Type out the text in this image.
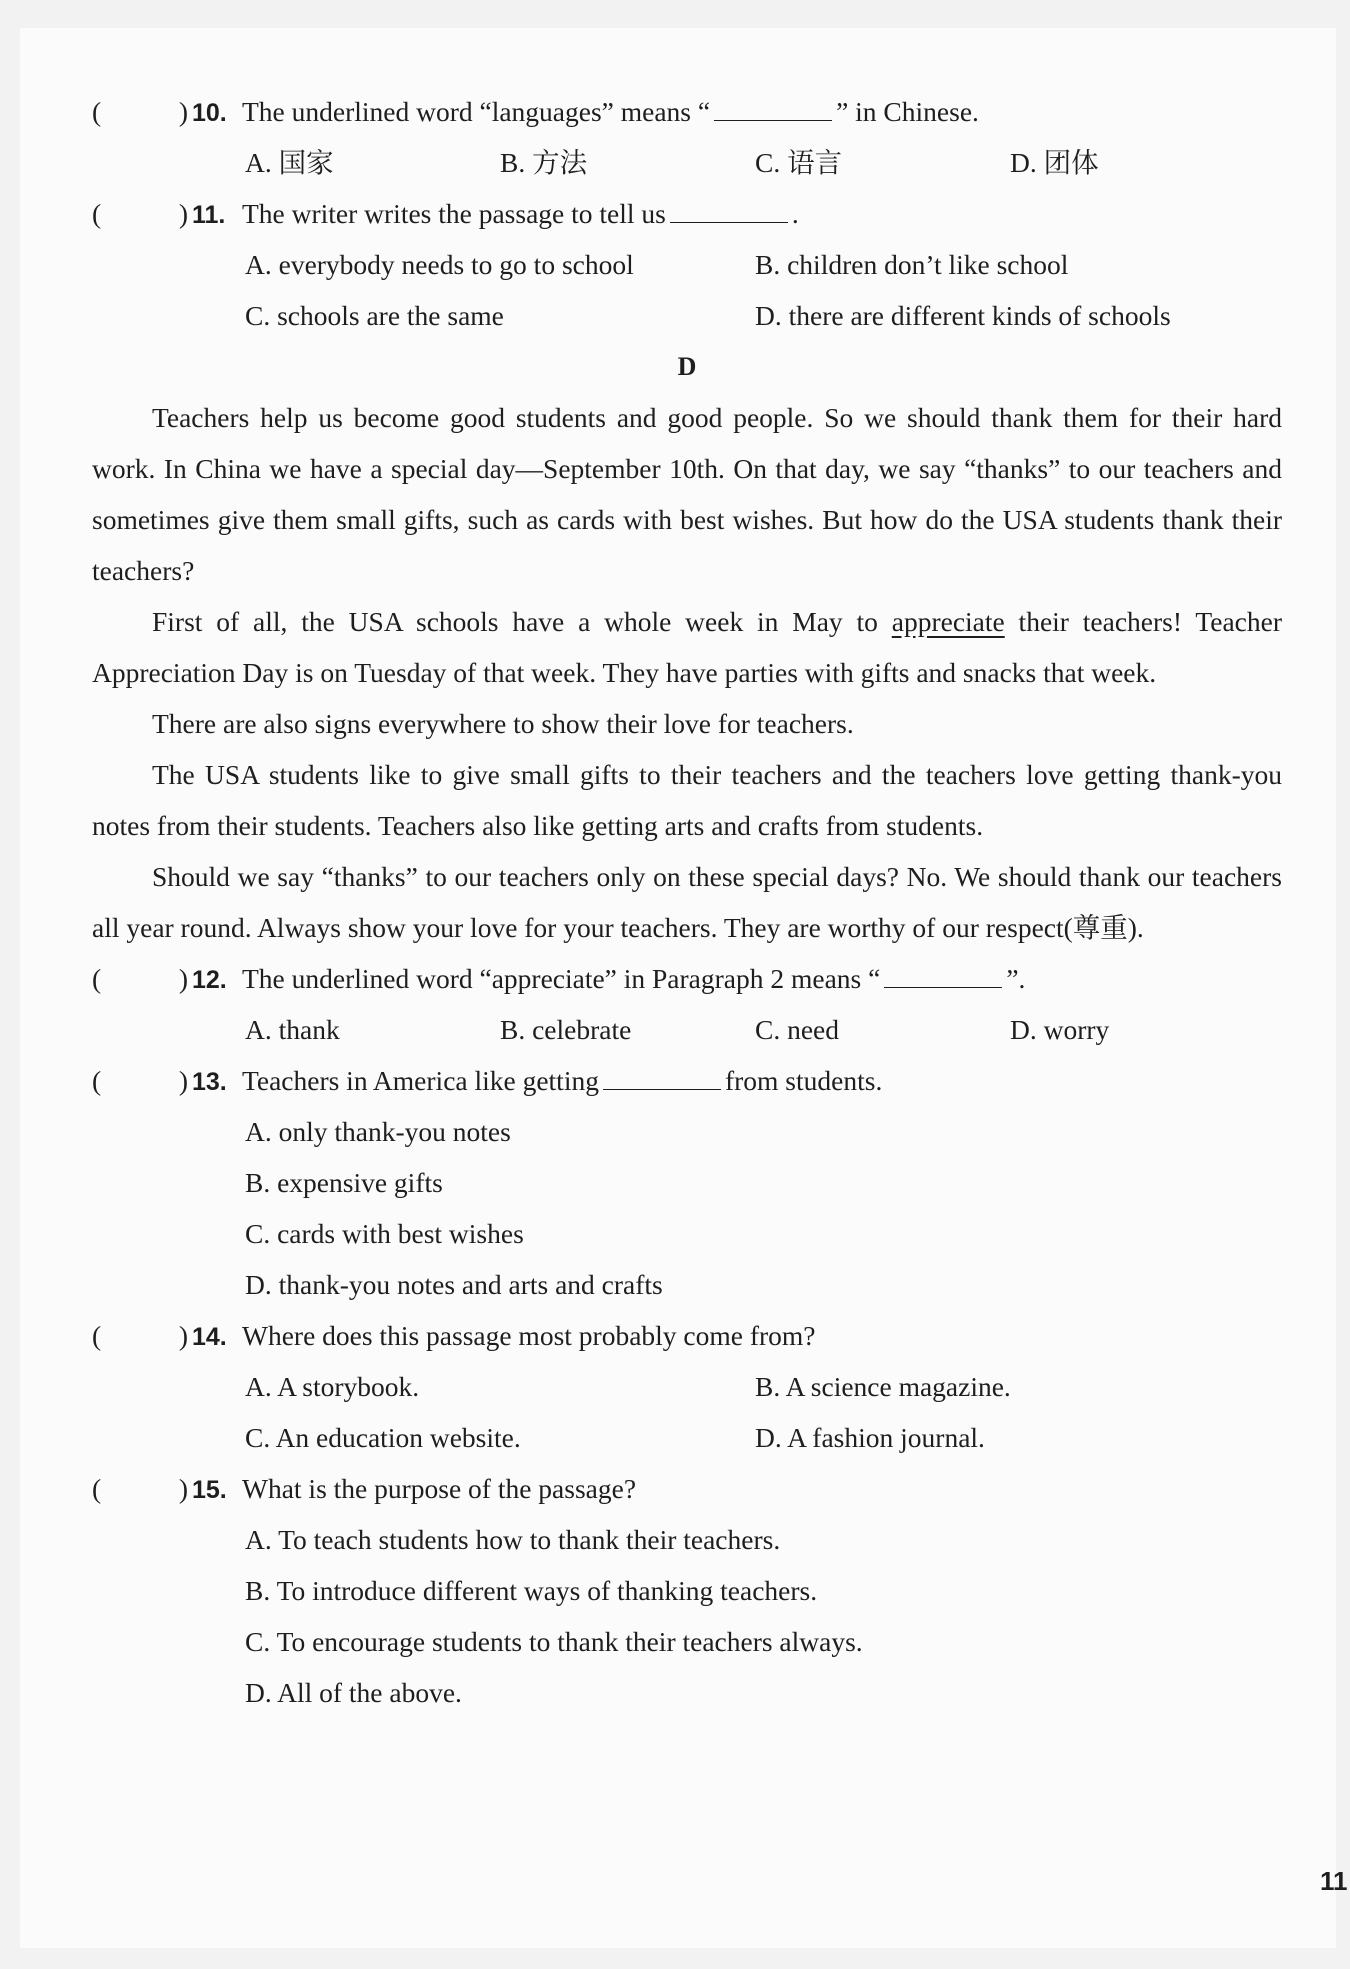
(	) 10. The underlined word “languages” means “	” in Chinese.
A. 国家	B. 方法	C. 语言	D. 团体
(	) 11. The writer writes the passage to tell us	.
A. everybody needs to go to school	B. children don’t like school
C. schools are the same	D. there are different kinds of schools
D

Teachers help us become good students and good people. So we should thank them for their hard work. In China we have a special day—September 10th. On that day, we say “thanks” to our teachers and sometimes give them small gifts, such as cards with best wishes. But how do the USA students thank their teachers?

First of all, the USA schools have a whole week in May to appreciate their teachers! Teacher Appreciation Day is on Tuesday of that week. They have parties with gifts and snacks that week.

There are also signs everywhere to show their love for teachers.

The USA students like to give small gifts to their teachers and the teachers love getting thank-you notes from their students. Teachers also like getting arts and crafts from students.

Should we say “thanks” to our teachers only on these special days? No. We should thank our teachers all year round. Always show your love for your teachers. They are worthy of our respect(尊重).

(	) 12. The underlined word “appreciate” in Paragraph 2 means “	”.
A. thank	B. celebrate	C. need	D. worry
(	) 13. Teachers in America like getting	from students.
A. only thank-you notes
B. expensive gifts
C. cards with best wishes
D. thank-you notes and arts and crafts
(	) 14. Where does this passage most probably come from?
A. A storybook.	B. A science magazine.
C. An education website.	D. A fashion journal.
(	) 15. What is the purpose of the passage?
A. To teach students how to thank their teachers.
B. To introduce different ways of thanking teachers.
C. To encourage students to thank their teachers always.
D. All of the above.
11
